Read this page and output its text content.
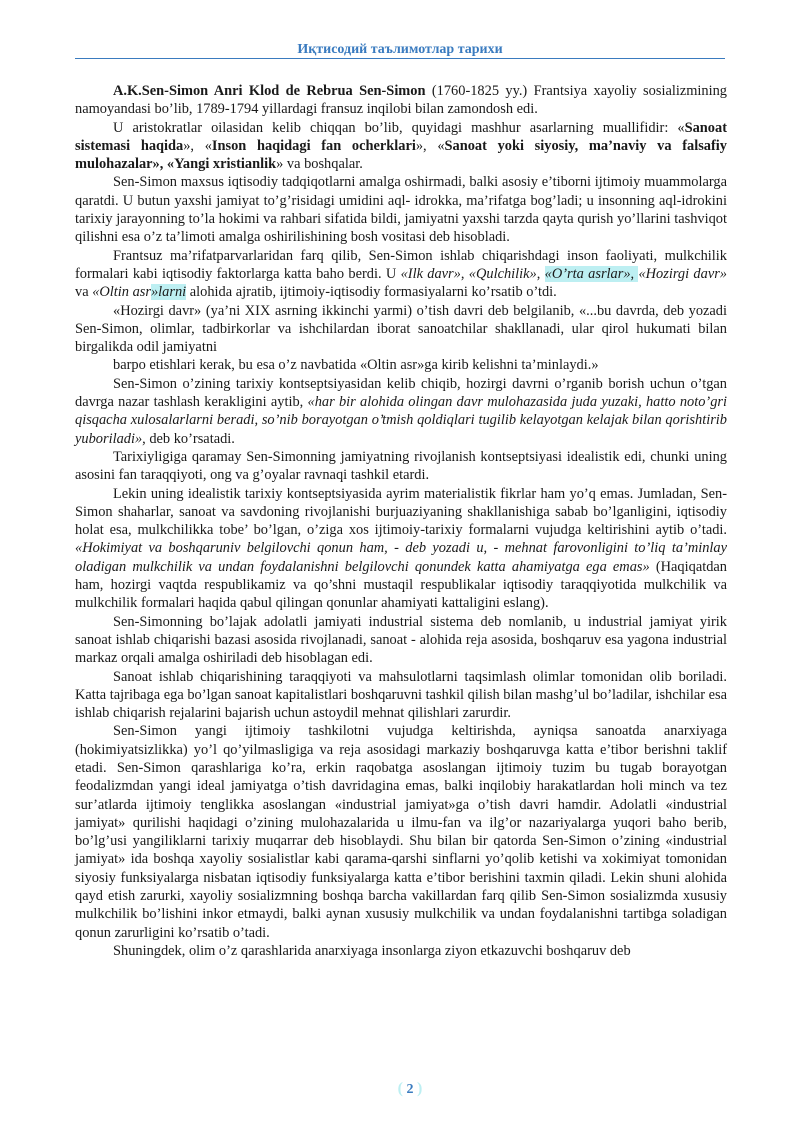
Иқтисодий таълимотлар тарихи

A.K.Sen-Simon Anri Klod de Rebrua Sen-Simon (1760-1825 yy.) Frantsiya xayoliy sosializmining namoyandasi bo’lib, 1789-1794 yillardagi fransuz inqilobi bilan zamondosh edi.

U aristokratlar oilasidan kelib chiqqan bo’lib, quyidagi mashhur asarlarning muallifidir: «Sanoat sistemasi haqida», «Inson haqidagi fan ocherklari», «Sanoat yoki siyosiy, ma’naviy va falsafiy mulohazalar», «Yangi xristianlik» va boshqalar.

Sen-Simon maxsus iqtisodiy tadqiqotlarni amalga oshirmadi, balki asosiy e’tiborni ijtimoiy muammolarga qaratdi. U butun yaxshi jamiyat to’g’risidagi umidini aql- idrokka, ma’rifatga bog’ladi; u insonning aql-idrokini tarixiy jarayonning to’la hokimi va rahbari sifatida bildi, jamiyatni yaxshi tarzda qayta qurish yo’llarini tashviqot qilishni esa o’z ta’limoti amalga oshirilishining bosh vositasi deb hisobladi.

Frantsuz ma’rifatparvarlaridan farq qilib, Sen-Simon ishlab chiqarishdagi inson faoliyati, mulkchilik formalari kabi iqtisodiy faktorlarga katta baho berdi. U «Ilk davr», «Qulchilik», «O’rta asrlar», «Hozirgi davr» va «Oltin asr»larni alohida ajratib, ijtimoiy-iqtisodiy formasiyalarni ko’rsatib o’tdi.

«Hozirgi davr» (ya’ni XIX asrning ikkinchi yarmi) o’tish davri deb belgilanib, «...bu davrda, deb yozadi Sen-Simon, olimlar, tadbirkorlar va ishchilardan iborat sanoatchilar shakllanadi, ular qirol hukumati bilan birgalikda odil jamiyatni

barpo etishlari kerak, bu esa o’z navbatida «Oltin asr»ga kirib kelishni ta’minlaydi.»

Sen-Simon o’zining tarixiy kontseptsiyasidan kelib chiqib, hozirgi davrni o’rganib borish uchun o’tgan davrga nazar tashlash kerakligini aytib, «har bir alohida olingan davr mulohazasida juda yuzaki, hatto noto’gri qisqacha xulosalarlarni beradi, so’nib borayotgan o’tmish qoldiqlari tugilib kelayotgan kelajak bilan qorishtirib yuboriladi», deb ko’rsatadi.

Tarixiyligiga qaramay Sen-Simonning jamiyatning rivojlanish kontseptsiyasi idealistik edi, chunki uning asosini fan taraqqiyoti, ong va g’oyalar ravnaqi tashkil etardi.

Lekin uning idealistik tarixiy kontseptsiyasida ayrim materialistik fikrlar ham yo’q emas. Jumladan, Sen-Simon shaharlar, sanoat va savdoning rivojlanishi burjuaziyaning shakllanishiga sabab bo’lganligini, iqtisodiy holat esa, mulkchilikka tobe’ bo’lgan, o’ziga xos ijtimoiy-tarixiy formalarni vujudga keltirishini aytib o’tadi. «Hokimiyat va boshqaruniv belgilovchi qonun ham, - deb yozadi u, - mehnat farovonligini to’liq ta’minlay oladigan mulkchilik va undan foydalanishni belgilovchi qonundek katta ahamiyatga ega emas» (Haqiqatdan ham, hozirgi vaqtda respublikamiz va qo’shni mustaqil respublikalar iqtisodiy taraqqiyotida mulkchilik va mulkchilik formalari haqida qabul qilingan qonunlar ahamiyati kattaligini eslang).

Sen-Simonning bo’lajak adolatli jamiyati industrial sistema deb nomlanib, u industrial jamiyat yirik sanoat ishlab chiqarishi bazasi asosida rivojlanadi, sanoat - alohida reja asosida, boshqaruv esa yagona industrial markaz orqali amalga oshiriladi deb hisoblagan edi.

Sanoat ishlab chiqarishining taraqqiyoti va mahsulotlarni taqsimlash olimlar tomonidan olib boriladi. Katta tajribaga ega bo’lgan sanoat kapitalistlari boshqaruvni tashkil qilish bilan mashg’ul bo’ladilar, ishchilar esa ishlab chiqarish rejalarini bajarish uchun astoydil mehnat qilishlari zarurdir.

Sen-Simon yangi ijtimoiy tashkilotni vujudga keltirishda, ayniqsa sanoatda anarxiyaga (hokimiyatsizlikka) yo’l qo’yilmasligiga va reja asosidagi markaziy boshqaruvga katta e’tibor berishni taklif etadi. Sen-Simon qarashlariga ko’ra, erkin raqobatga asoslangan ijtimoiy tuzim bu tugab borayotgan feodalizmdan yangi ideal jamiyatga o’tish davridagina emas, balki inqilobiy harakatlardan holi minch va tez sur’atlarda ijtimoiy tenglikka asoslangan «industrial jamiyat»ga o’tish davri hamdir. Adolatli «industrial jamiyat» qurilishi haqidagi o’zining mulohazalarida u ilmu-fan va ilg’or nazariyalarga yuqori baho berib, bo’lg’usi yangiliklarni tarixiy muqarrar deb hisoblaydi. Shu bilan bir qatorda Sen-Simon o’zining «industrial jamiyat» ida boshqa xayoliy sosialistlar kabi qarama-qarshi sinflarni yo’qolib ketishi va xokimiyat tomonidan siyosiy funksiyalarga nisbatan iqtisodiy funksiyalarga katta e’tibor berishini taxmin qiladi. Lekin shuni alohida qayd etish zarurki, xayoliy sosializmning boshqa barcha vakillardan farq qilib Sen-Simon sosializmda xususiy mulkchilik bo’lishini inkor etmaydi, balki aynan xususiy mulkchilik va undan foydalanishni tartibga soladigan qonun zarurligini ko’rsatib o’tadi.

Shuningdek, olim o’z qarashlarida anarxiyaga insonlarga ziyon etkazuvchi boshqaruv deb

( 2 )
